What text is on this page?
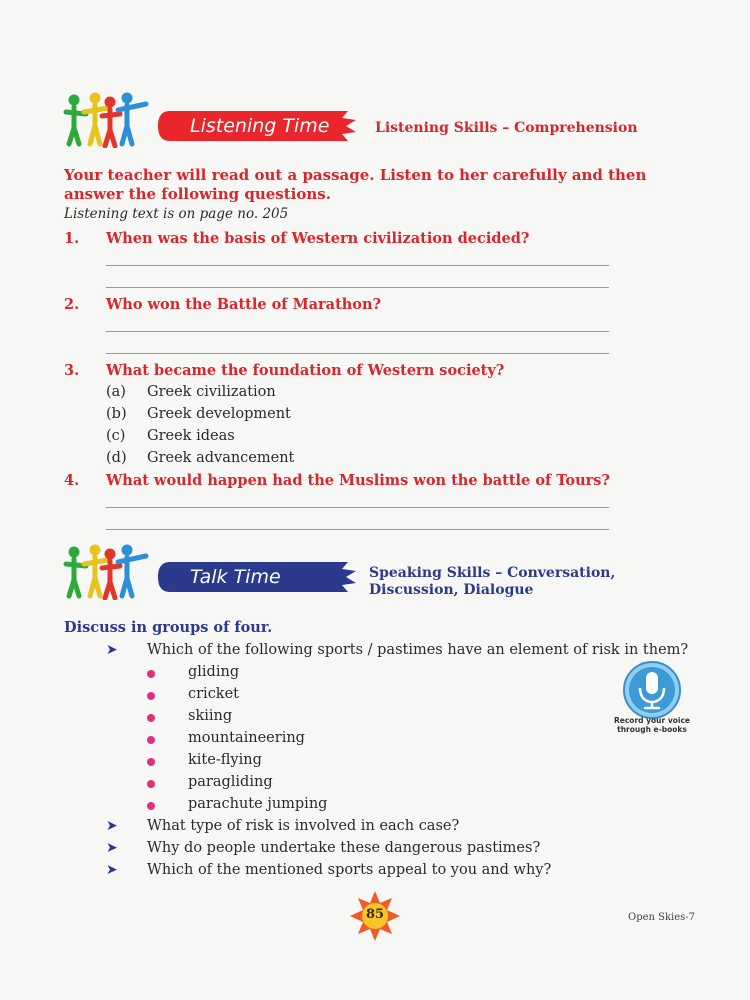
Listening Time	Listening Skills – Comprehension
Your teacher will read out a passage. Listen to her carefully and then answer the following questions.
Listening text is on page no. 205
1. When was the basis of Western civilization decided?
2. Who won the Battle of Marathon?
3. What became the foundation of Western society?
(a) Greek civilization
(b) Greek development
(c) Greek ideas
(d) Greek advancement
4. What would happen had the Muslims won the battle of Tours?
Talk Time	Speaking Skills – Conversation,
Discussion, Dialogue
Discuss in groups of four.
➤ Which of the following sports / pastimes have an element of risk in them?
gliding
cricket
skiing
mountaineering
kite-flying
paragliding
parachute jumping
➤ What type of risk is involved in each case?
➤ Why do people undertake these dangerous pastimes?
➤ Which of the mentioned sports appeal to you and why?
Record your voice
through e-books
85	Open Skies-7
